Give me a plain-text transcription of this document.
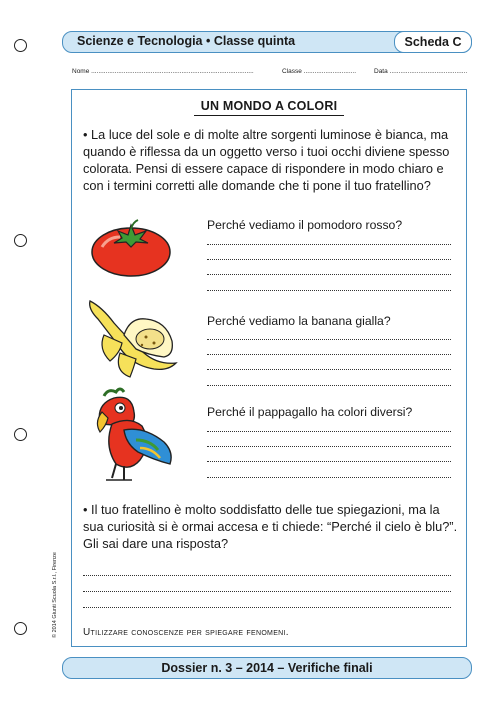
Scienze e Tecnologia • Classe quinta	Scheda C
Nome ..........................................................................................	Classe .............................	Data ...........................................
UN MONDO A COLORI
• La luce del sole e di molte altre sorgenti luminose è bianca, ma quando è riflessa da un oggetto verso i tuoi occhi diviene spesso colorata. Pensi di essere capace di rispondere in modo chiaro e con i termini corretti alle domande che ti pone il tuo fratellino?
Perché vediamo il pomodoro rosso?
Perché vediamo la banana gialla?
Perché il pappagallo ha colori diversi?
• Il tuo fratellino è molto soddisfatto delle tue spiegazioni, ma la sua curiosità si è ormai accesa e ti chiede: “Perché il cielo è blu?”. Gli sai dare una risposta?
Utilizzare conoscenze per spiegare fenomeni.
© 2014 Giunti Scuola S.r.l., Firenze
Dossier n. 3 – 2014 – Verifiche finali
